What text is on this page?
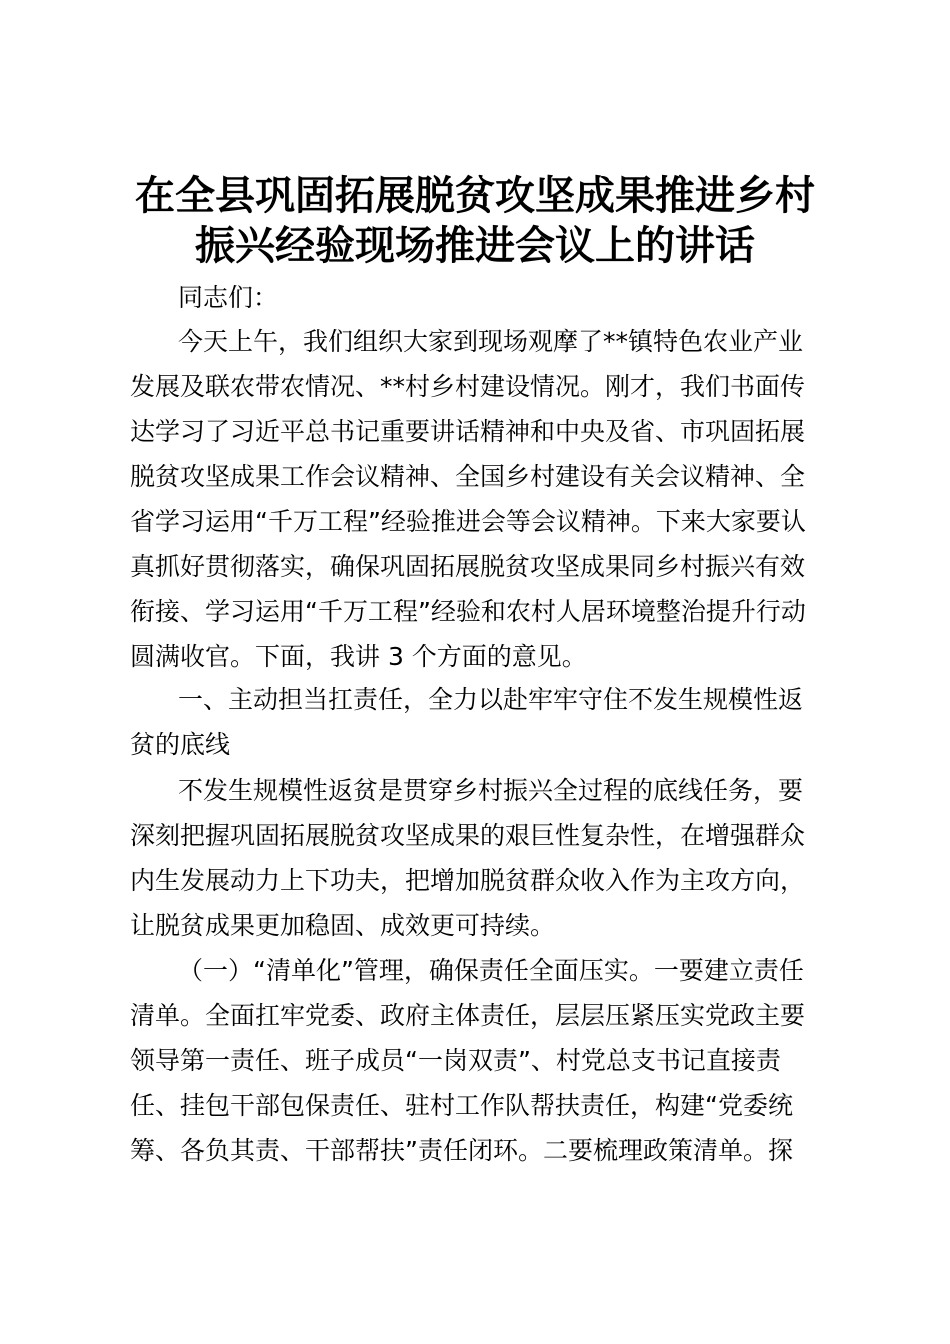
在全县巩固拓展脱贫攻坚成果推进乡村
振兴经验现场推进会议上的讲话
同志们：
今天上午，我们组织大家到现场观摩了**镇特色农业产业
发展及联农带农情况、**村乡村建设情况。刚才，我们书面传
达学习了习近平总书记重要讲话精神和中央及省、市巩固拓展
脱贫攻坚成果工作会议精神、全国乡村建设有关会议精神、全
省学习运用“千万工程”经验推进会等会议精神。下来大家要认
真抓好贯彻落实，确保巩固拓展脱贫攻坚成果同乡村振兴有效
衔接、学习运用“千万工程”经验和农村人居环境整治提升行动
圆满收官。下面，我讲 3 个方面的意见。
一、主动担当扛责任，全力以赴牢牢守住不发生规模性返
贫的底线
不发生规模性返贫是贯穿乡村振兴全过程的底线任务，要
深刻把握巩固拓展脱贫攻坚成果的艰巨性复杂性，在增强群众
内生发展动力上下功夫，把增加脱贫群众收入作为主攻方向，
让脱贫成果更加稳固、成效更可持续。
（一）“清单化”管理，确保责任全面压实。一要建立责任
清单。全面扛牢党委、政府主体责任，层层压紧压实党政主要
领导第一责任、班子成员“一岗双责”、村党总支书记直接责
任、挂包干部包保责任、驻村工作队帮扶责任，构建“党委统
筹、各负其责、干部帮扶”责任闭环。二要梳理政策清单。探
